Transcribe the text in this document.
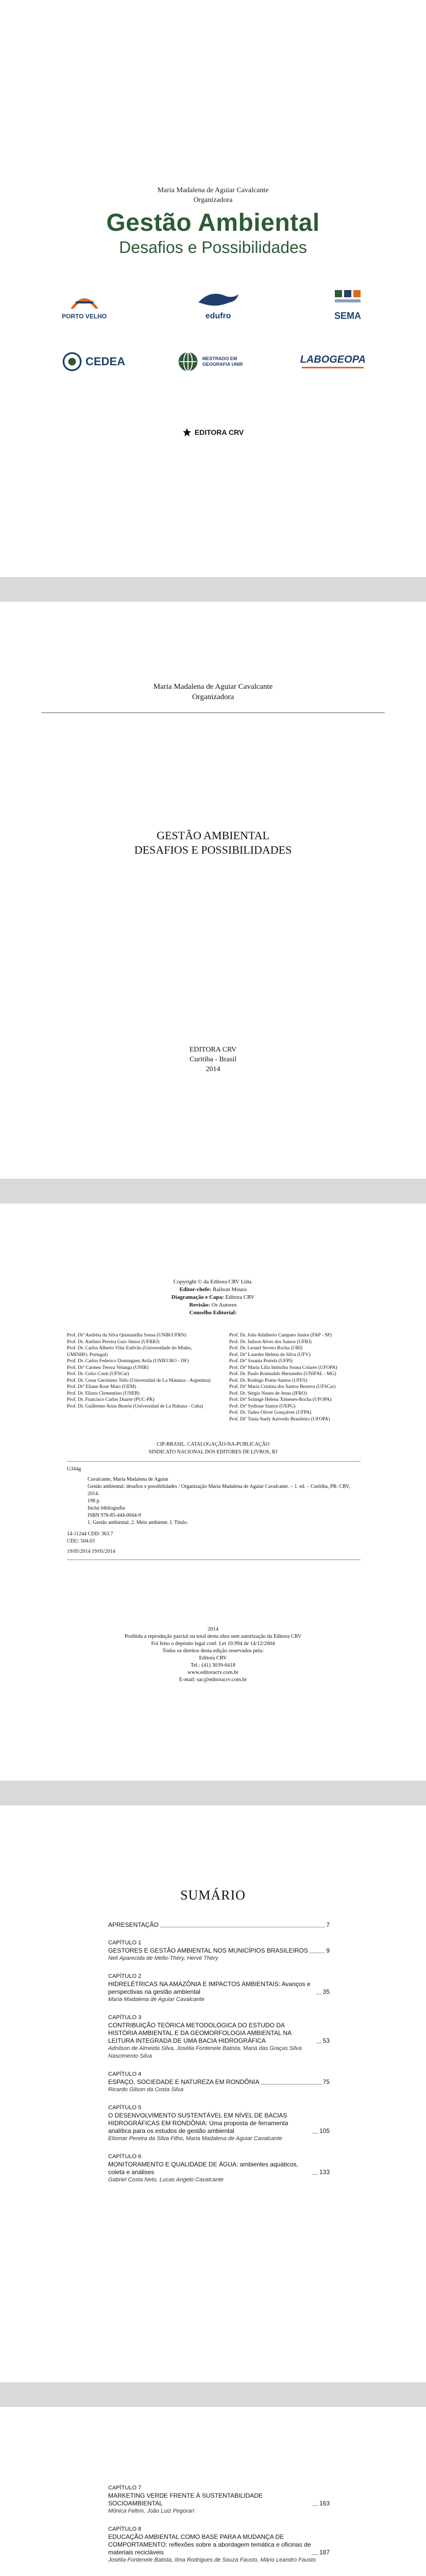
Maria Madalena de Aguiar Cavalcante
Organizadora
Gestão Ambiental
Desafios e Possibilidades
PORTO VELHO	edufro	SEMA
CEDEA	MESTRADO EM GEOGRAFIA UNIR	LABOGEOPA
EDITORA CRV
Maria Madalena de Aguiar Cavalcante
Organizadora
GESTÃO AMBIENTAL
DESAFIOS E POSSIBILIDADES
EDITORA CRV
Curitiba - Brasil
2014
Copyright © da Editora CRV Ltda.
Editor-chefe: Railson Moura
Diagramação e Capa: Editora CRV
Revisão: Os Autores
Conselho Editorial:
Prof. Drª Andréia da Silva Quintanilha Sousa (UNIR/UFRN)
Prof. Dr. Antônio Pereira Gaio Júnior (UFRRJ)
Prof. Dr. Carlos Alberto Vilar Estêvão (Universidade do Minho, UMINHO, Portugal)
Prof. Dr. Carlos Federico Dominguez Avila (UNIEURO - DF)
Prof. Drª Carmen Tereza Velanga (UNIR)
Prof. Dr. Celso Conti (UFSCar)
Prof. Dr. Cesar Gerónimo Tello (Universidad de La Matanza - Argentina)
Prof. Drª Eliane Rose Maio (UEM)
Prof. Dr. Elizeu Clementino (UNEB)
Prof. Dr. Francisco Carlos Duarte (PUC-PR)
Prof. Dr. Guillermo Arias Beatón (Universidad de La Habana - Cuba)
Prof. Dr. João Adalberto Campato Junior (FAP - SP)
Prof. Dr. Jailson Alves dos Santos (UFRJ)
Prof. Dr. Leonel Severo Rocha (URI)
Prof. Drª Lourdes Helena da Silva (UFV)
Prof. Drª Josania Portela (UFPI)
Prof. Drª Maria Lília Imbiriba Sousa Colares (UFOPA)
Prof. Dr. Paulo Romualdo Hernandes (UNIFAL - MG)
Prof. Dr. Rodrigo Pratte-Santos (UFES)
Prof. Drª Maria Cristina dos Santos Bezerra (UFSCar)
Prof. Dr. Sérgio Nunes de Jesus (IFRO)
Prof. Drª Solange Helena Ximenes-Rocha (UFOPA)
Prof. Drª Sydione Santos (UEPG)
Prof. Dr. Tadeu Oliver Gonçalves (UFPA)
Prof. Drª Tania Suely Azevedo Brasileiro (UFOPA)
CIP-BRASIL. CATALOGAÇÃO-NA-PUBLICAÇÃO
SINDICATO NACIONAL DOS EDITORES DE LIVROS, RJ
G344g
Cavalcante, Maria Madalena de Aguiar
Gestão ambiental: desafios e possibilidades / Organização Maria Madalena de Aguiar Cavalcante. – 1. ed. – Curitiba, PR: CRV, 2014.
198 p.
Inclui bibliografia
ISBN 978-85-444-0044-9
1. Gestão ambiental. 2. Meio ambiente. I. Título.
14-11244 CDD: 363.7
CDU: 504.03
19/05/2014 19/05/2014
2014
Proibida a reprodução parcial ou total desta obra sem autorização da Editora CRV
Foi feito o depósito legal conf. Lei 10.994 de 14/12/2004
Todos os direitos desta edição reservados pela:
Editora CRV
Tel.: (41) 3039-6418
www.editoracrv.com.br
E-mail: sac@editoracrv.com.br
SUMÁRIO
APRESENTAÇÃO	7
CAPÍTULO 1
GESTORES E GESTÃO AMBIENTAL NOS MUNICÍPIOS BRASILEIROS	9
Neli Aparecida de Mello-Théry, Hervé Théry
CAPÍTULO 2
HIDRELÉTRICAS NA AMAZÔNIA E IMPACTOS AMBIENTAIS: Avanços e perspectivas na gestão ambiental	35
Maria Madalena de Aguiar Cavalcante
CAPÍTULO 3
CONTRIBUIÇÃO TEÓRICA METODOLÓGICA DO ESTUDO DA HISTÓRIA AMBIENTAL E DA GEOMORFOLOGIA AMBIENTAL NA LEITURA INTEGRADA DE UMA BACIA HIDROGRÁFICA	53
Adnilson de Almeida Silva, Josélia Fontenele Batista, Maria das Graças Silva Nascimento Silva
CAPÍTULO 4
ESPAÇO, SOCIEDADE E NATUREZA EM RONDÔNIA	75
Ricardo Gilson da Costa Silva
CAPÍTULO 5
O DESENVOLVIMENTO SUSTENTÁVEL EM NÍVEL DE BACIAS HIDROGRÁFICAS EM RONDÔNIA: Uma proposta de ferramenta analítica para os estudos de gestão ambiental	105
Eliomar Pereira da Silva Filho, Maria Madalena de Aguiar Cavalcante
CAPÍTULO 6
MONITORAMENTO E QUALIDADE DE ÁGUA: ambientes aquáticos, coleta e análises	133
Gabriel Costa Neto, Lucas Angelo Cavalcante
CAPÍTULO 7
MARKETING VERDE FRENTE À SUSTENTABILIDADE SOCIOAMBIENTAL	163
Mônica Feltrin, João Luiz Pegorari
CAPÍTULO 8
EDUCAÇÃO AMBIENTAL COMO BASE PARA A MUDANÇA DE COMPORTAMENTO: reflexões sobre a abordagem temática e oficinas de materiais recicláveis	187
Josélia Fontenele Batista, Ilma Rodrigues de Souza Fausto, Mário Leandro Fausto
